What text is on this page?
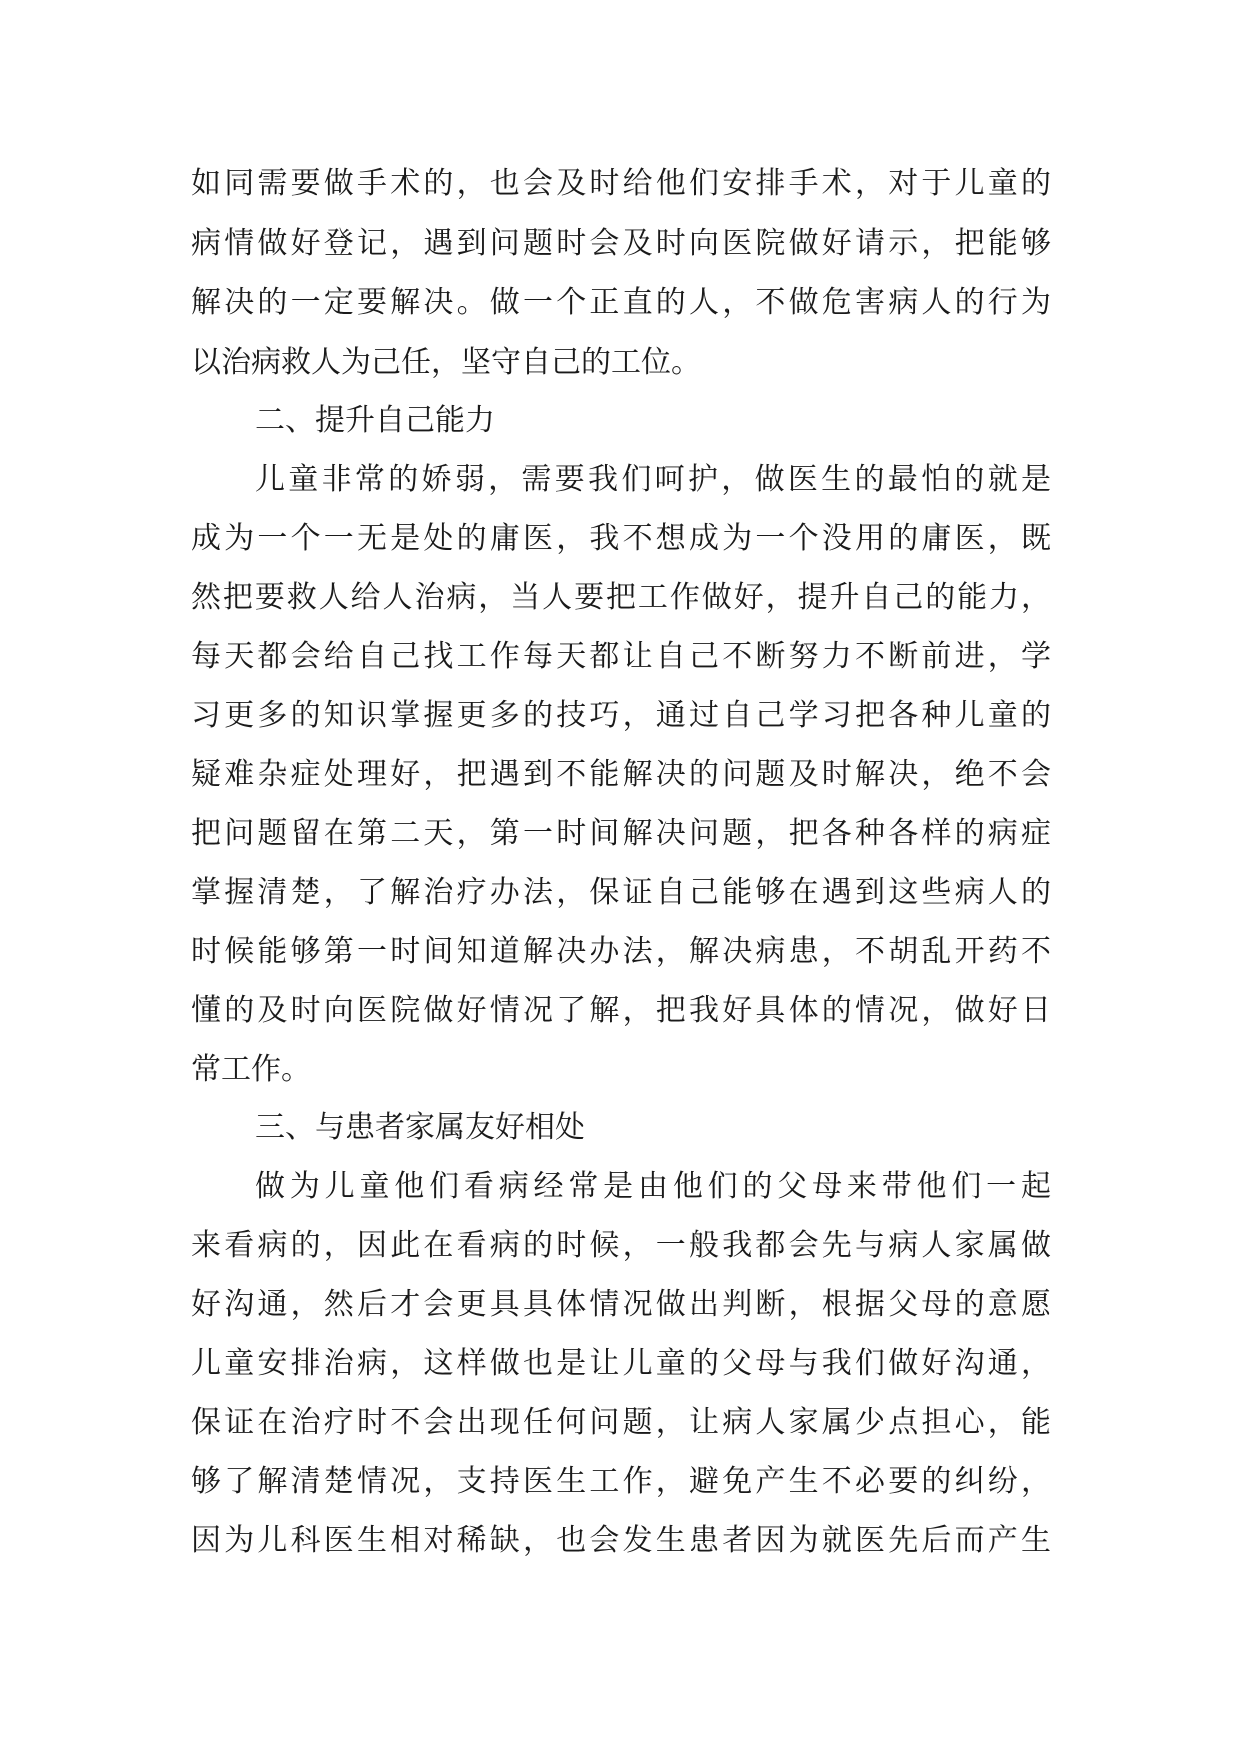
如同需要做手术的，也会及时给他们安排手术，对于儿童的
病情做好登记，遇到问题时会及时向医院做好请示，把能够
解决的一定要解决。做一个正直的人，不做危害病人的行为
以治病救人为己任，坚守自己的工位。
二、提升自己能力
儿童非常的娇弱，需要我们呵护，做医生的最怕的就是
成为一个一无是处的庸医，我不想成为一个没用的庸医，既
然把要救人给人治病，当人要把工作做好，提升自己的能力，
每天都会给自己找工作每天都让自己不断努力不断前进，学
习更多的知识掌握更多的技巧，通过自己学习把各种儿童的
疑难杂症处理好，把遇到不能解决的问题及时解决，绝不会
把问题留在第二天，第一时间解决问题，把各种各样的病症
掌握清楚，了解治疗办法，保证自己能够在遇到这些病人的
时候能够第一时间知道解决办法，解决病患，不胡乱开药不
懂的及时向医院做好情况了解，把我好具体的情况，做好日
常工作。
三、与患者家属友好相处
做为儿童他们看病经常是由他们的父母来带他们一起
来看病的，因此在看病的时候，一般我都会先与病人家属做
好沟通，然后才会更具具体情况做出判断，根据父母的意愿
儿童安排治病，这样做也是让儿童的父母与我们做好沟通，
保证在治疗时不会出现任何问题，让病人家属少点担心，能
够了解清楚情况，支持医生工作，避免产生不必要的纠纷，
因为儿科医生相对稀缺，也会发生患者因为就医先后而产生
